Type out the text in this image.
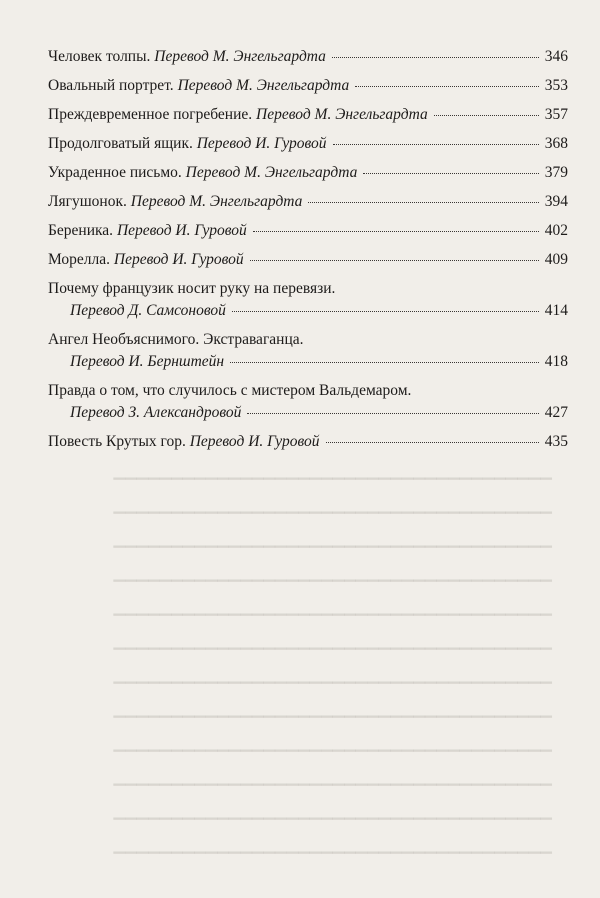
▁▁▁▁▁▁▁▁▁▁▁▁▁▁▁▁▁▁▁▁▁▁▁▁▁▁▁▁▁▁▁▁▁▁▁▁▁▁
▁▁▁▁▁▁▁▁▁▁▁▁▁▁▁▁▁▁▁▁▁▁▁▁▁▁▁▁▁▁▁▁▁▁▁▁▁▁
▁▁▁▁▁▁▁▁▁▁▁▁▁▁▁▁▁▁▁▁▁▁▁▁▁▁▁▁▁▁▁▁▁▁▁▁▁▁
▁▁▁▁▁▁▁▁▁▁▁▁▁▁▁▁▁▁▁▁▁▁▁▁▁▁▁▁▁▁▁▁▁▁▁▁▁▁
▁▁▁▁▁▁▁▁▁▁▁▁▁▁▁▁▁▁▁▁▁▁▁▁▁▁▁▁▁▁▁▁▁▁▁▁▁▁
▁▁▁▁▁▁▁▁▁▁▁▁▁▁▁▁▁▁▁▁▁▁▁▁▁▁▁▁▁▁▁▁▁▁▁▁▁▁
▁▁▁▁▁▁▁▁▁▁▁▁▁▁▁▁▁▁▁▁▁▁▁▁▁▁▁▁▁▁▁▁▁▁▁▁▁▁
▁▁▁▁▁▁▁▁▁▁▁▁▁▁▁▁▁▁▁▁▁▁▁▁▁▁▁▁▁▁▁▁▁▁▁▁▁▁
▁▁▁▁▁▁▁▁▁▁▁▁▁▁▁▁▁▁▁▁▁▁▁▁▁▁▁▁▁▁▁▁▁▁▁▁▁▁
▁▁▁▁▁▁▁▁▁▁▁▁▁▁▁▁▁▁▁▁▁▁▁▁▁▁▁▁▁▁▁▁▁▁▁▁▁▁
▁▁▁▁▁▁▁▁▁▁▁▁▁▁▁▁▁▁▁▁▁▁▁▁▁▁▁▁▁▁▁▁▁▁▁▁▁▁
▁▁▁▁▁▁▁▁▁▁▁▁▁▁▁▁▁▁▁▁▁▁▁▁▁▁▁▁▁▁▁▁▁▁▁▁▁▁
Человек толпы.
Перевод М. Энгельгардта	346
Овальный портрет.
Перевод М. Энгельгардта	353
Преждевременное погребение.
Перевод М. Энгельгардта	357
Продолговатый ящик.
Перевод И. Гуровой	368
Украденное письмо.
Перевод М. Энгельгардта	379
Лягушонок.
Перевод М. Энгельгардта	394
Береника.
Перевод И. Гуровой	402
Морелла.
Перевод И. Гуровой	409
Почему французик носит руку на перевязи.
Перевод Д. Самсоновой	414
Ангел Необъяснимого. Экстраваганца.
Перевод И. Бернштейн	418
Правда о том, что случилось с мистером Вальдемаром.
Перевод З. Александровой	427
Повесть Крутых гор.
Перевод И. Гуровой	435
